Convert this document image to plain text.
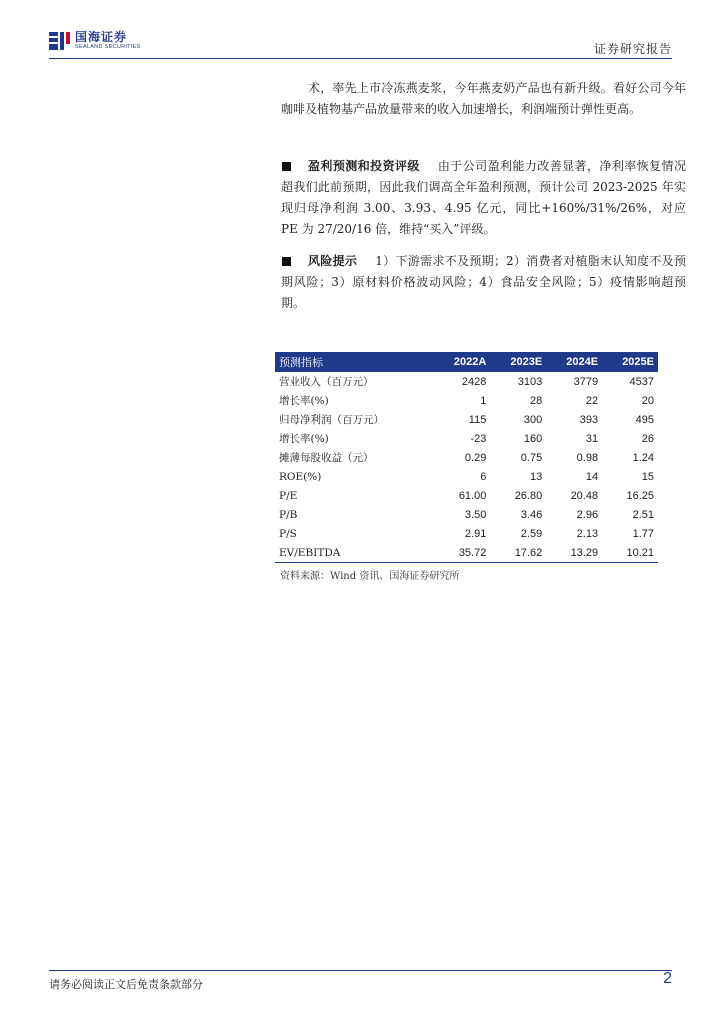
国海证券
SEALAND SECURITIES	证券研究报告
术，率先上市冷冻燕麦浆，今年燕麦奶产品也有新升级。看好公司今年咖啡及植物基产品放量带来的收入加速增长，利润端预计弹性更高。
盈利预测和投资评级 由于公司盈利能力改善显著，净利率恢复情况超我们此前预期，因此我们调高全年盈利预测，预计公司 2023-2025 年实现归母净利润 3.00、3.93、4.95 亿元，同比+160%/31%/26%，对应 PE 为 27/20/16 倍，维持“买入”评级。
风险提示 1）下游需求不及预期；2）消费者对植脂末认知度不及预期风险；3）原材料价格波动风险；4）食品安全风险；5）疫情影响超预期。
预测指标	2022A	2023E	2024E	2025E
营业收入（百万元）	2428	3103	3779	4537
增长率(%)	1	28	22	20
归母净利润（百万元）	115	300	393	495
增长率(%)	-23	160	31	26
摊薄每股收益（元）	0.29	0.75	0.98	1.24
ROE(%)	6	13	14	15
P/E	61.00	26.80	20.48	16.25
P/B	3.50	3.46	2.96	2.51
P/S	2.91	2.59	2.13	1.77
EV/EBITDA	35.72	17.62	13.29	10.21
资料来源：Wind 资讯、国海证券研究所
请务必阅读正文后免责条款部分	2
